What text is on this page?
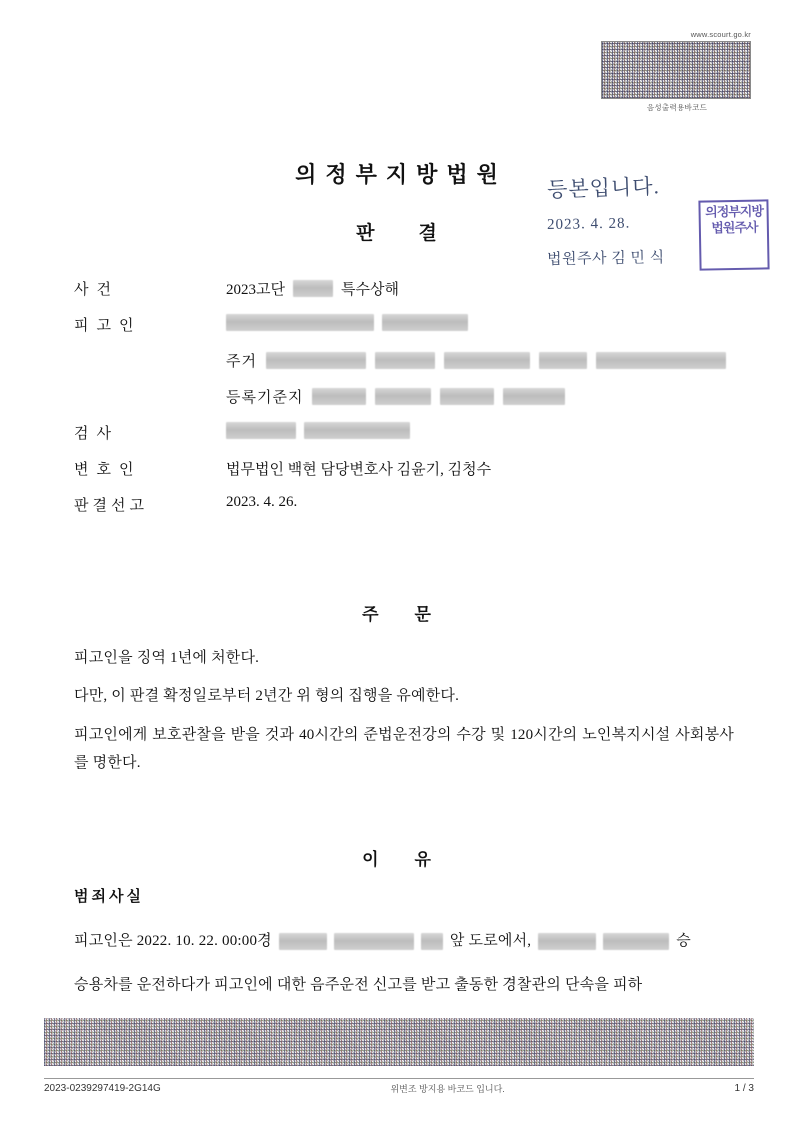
www.scourt.go.kr
음성출력용바코드
등본입니다.
2023. 4. 28.
법원주사 김 민 식
의정부지방법원주사
의정부지방법원
판결
사건	2023고단	특수상해
피고인
주거
등록기준지
검사
변호인	법무법인 백현 담당변호사 김윤기, 김청수
판결선고	2023. 4. 26.
주문
피고인을 징역 1년에 처한다.
다만, 이 판결 확정일로부터 2년간 위 형의 집행을 유예한다.
피고인에게 보호관찰을 받을 것과 40시간의 준법운전강의 수강 및 120시간의 노인복지시설 사회봉사를 명한다.
이유
범죄사실
피고인은 2022. 10. 22. 00:00경	앞 도로에서,	승
승용차를 운전하다가 피고인에 대한 음주운전 신고를 받고 출동한 경찰관의 단속을 피하
2023-0239297419-2G14G	위변조 방지용 바코드 입니다.	1 / 3
